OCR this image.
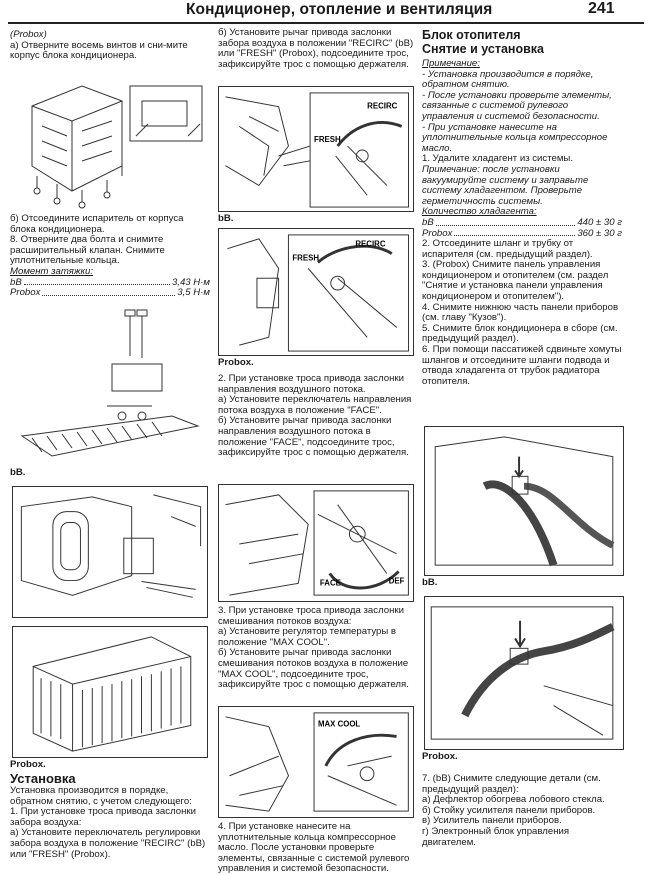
Кондиционер, отопление и вентиляция	241
(Probox)
а) Отверните восемь винтов и сни-мите корпус блока кондиционера.
б) Отсоедините испаритель от корпуса блока кондиционера.
8. Отверните два болта и снимите расширительный клапан. Снимите уплотнительные кольца.
Момент затяжки:
bB	3,43 Н·м
Probox	3,5 Н·м
bB.
Probox.
Установка
Установка производится в порядке, обратном снятию, с учетом следующего:
1. При установке троса привода заслонки забора воздуха:
а) Установите переключатель регулировки забора воздуха в положение "RECIRC" (bB) или "FRESH" (Probox).
б) Установите рычаг привода заслонки забора воздуха в положении "RECIRC" (bB) или "FRESH" (Probox), подсоедините трос, зафиксируйте трос с помощью держателя.
RECIRC
FRESH
bB.
RECIRC
FRESH
Probox.
2. При установке троса привода заслонки направления воздушного потока.
а) Установите переключатель направления потока воздуха в положение "FACE".
б) Установите рычаг привода заслонки направления воздушного потока в положение "FACE", подсоедините трос, зафиксируйте трос с помощью держателя.
FACE	DEF
3. При установке троса привода заслонки смешивания потоков воздуха:
а) Установите регулятор температуры в положение "MAX COOL".
б) Установите рычаг привода заслонки смешивания потоков воздуха в положение "MAX COOL", подсоедините трос, зафиксируйте трос с помощью держателя.
MAX COOL
4. При установке нанесите на уплотнительные кольца компрессорное масло. После установки проверьте элементы, связанные с системой рулевого управления и системой безопасности.
Блок отопителя
Снятие и установка
Примечание:
- Установка производится в порядке, обратном снятию.
- После установки проверьте элементы, связанные с системой рулевого управления и системой безопасности.
- При установке нанесите на уплотнительные кольца компрессорное масло.
1. Удалите хладагент из системы.
Примечание: после установки вакуумируйте систему и заправьте систему хладагентом. Проверьте герметичность системы.
Количество хладагента:
bB	440 ± 30 г
Probox	360 ± 30 г
2. Отсоедините шланг и трубку от испарителя (см. предыдущий раздел).
3. (Probox) Снимите панель управления кондиционером и отопителем (см. раздел "Снятие и установка панели управления кондиционером и отопителем").
4. Снимите нижнюю часть панели приборов (см. главу "Кузов").
5. Снимите блок кондиционера в сборе (см. предыдущий раздел).
6. При помощи пассатижей сдвиньте хомуты шлангов и отсоедините шланги подвода и отвода хладагента от трубок радиатора отопителя.
bB.
Probox.
7. (bB) Снимите следующие детали (см. предыдущий раздел):
а) Дефлектор обогрева лобового стекла.
б) Стойку усилителя панели приборов.
в) Усилитель панели приборов.
г) Электронный блок управления двигателем.
